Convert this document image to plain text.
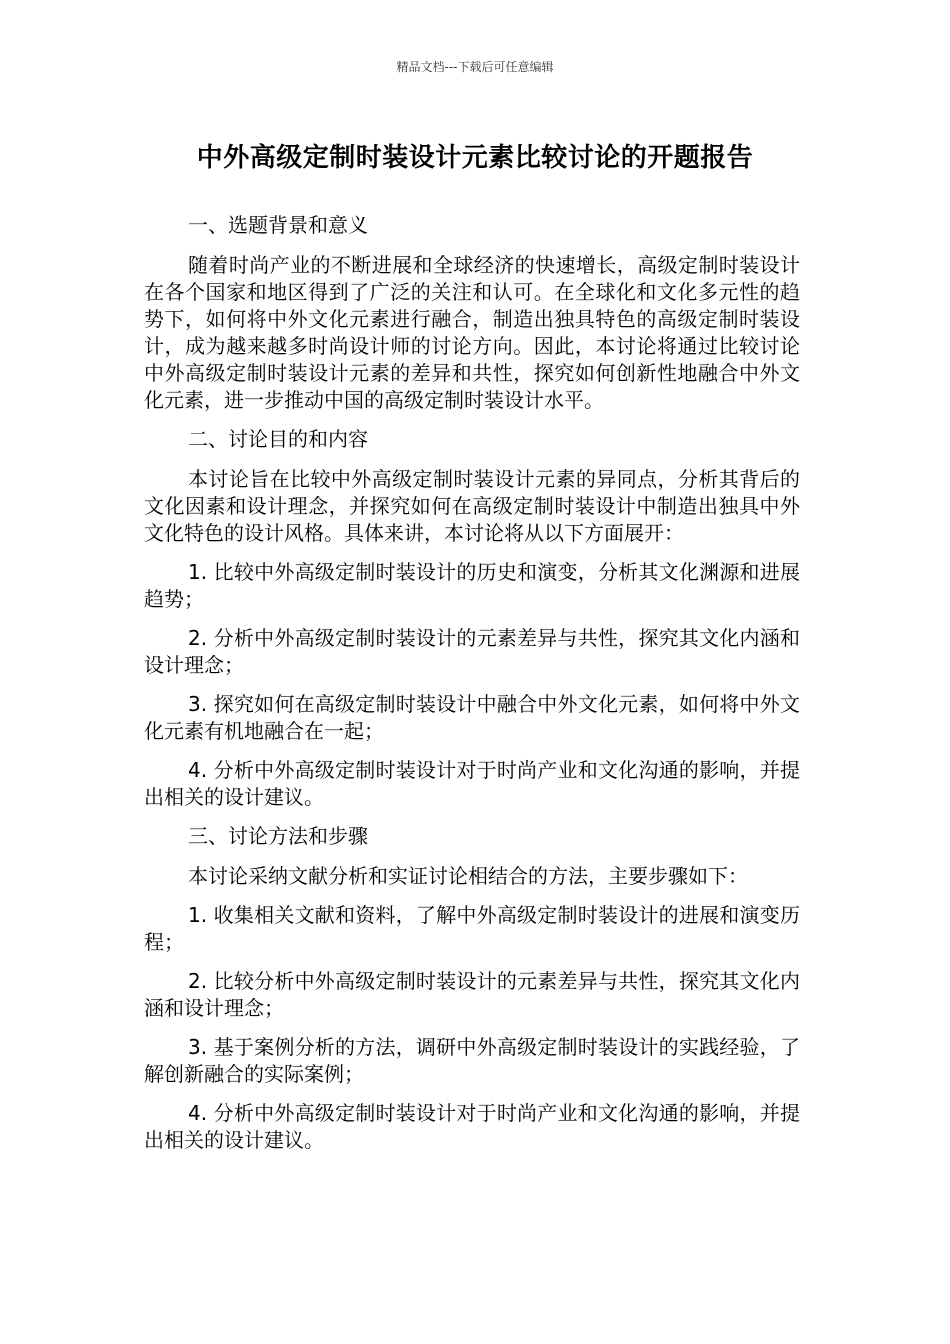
精品文档---下载后可任意编辑
中外高级定制时装设计元素比较讨论的开题报告

一、选题背景和意义

随着时尚产业的不断进展和全球经济的快速增长，高级定制时装设计在各个国家和地区得到了广泛的关注和认可。在全球化和文化多元性的趋势下，如何将中外文化元素进行融合，制造出独具特色的高级定制时装设计，成为越来越多时尚设计师的讨论方向。因此，本讨论将通过比较讨论中外高级定制时装设计元素的差异和共性，探究如何创新性地融合中外文化元素，进一步推动中国的高级定制时装设计水平。

二、讨论目的和内容

本讨论旨在比较中外高级定制时装设计元素的异同点，分析其背后的文化因素和设计理念，并探究如何在高级定制时装设计中制造出独具中外文化特色的设计风格。具体来讲，本讨论将从以下方面展开：

1. 比较中外高级定制时装设计的历史和演变，分析其文化渊源和进展趋势；

2. 分析中外高级定制时装设计的元素差异与共性，探究其文化内涵和设计理念；

3. 探究如何在高级定制时装设计中融合中外文化元素，如何将中外文化元素有机地融合在一起；

4. 分析中外高级定制时装设计对于时尚产业和文化沟通的影响，并提出相关的设计建议。

三、讨论方法和步骤

本讨论采纳文献分析和实证讨论相结合的方法，主要步骤如下：

1. 收集相关文献和资料，了解中外高级定制时装设计的进展和演变历程；

2. 比较分析中外高级定制时装设计的元素差异与共性，探究其文化内涵和设计理念；

3. 基于案例分析的方法，调研中外高级定制时装设计的实践经验，了解创新融合的实际案例；

4. 分析中外高级定制时装设计对于时尚产业和文化沟通的影响，并提出相关的设计建议。
